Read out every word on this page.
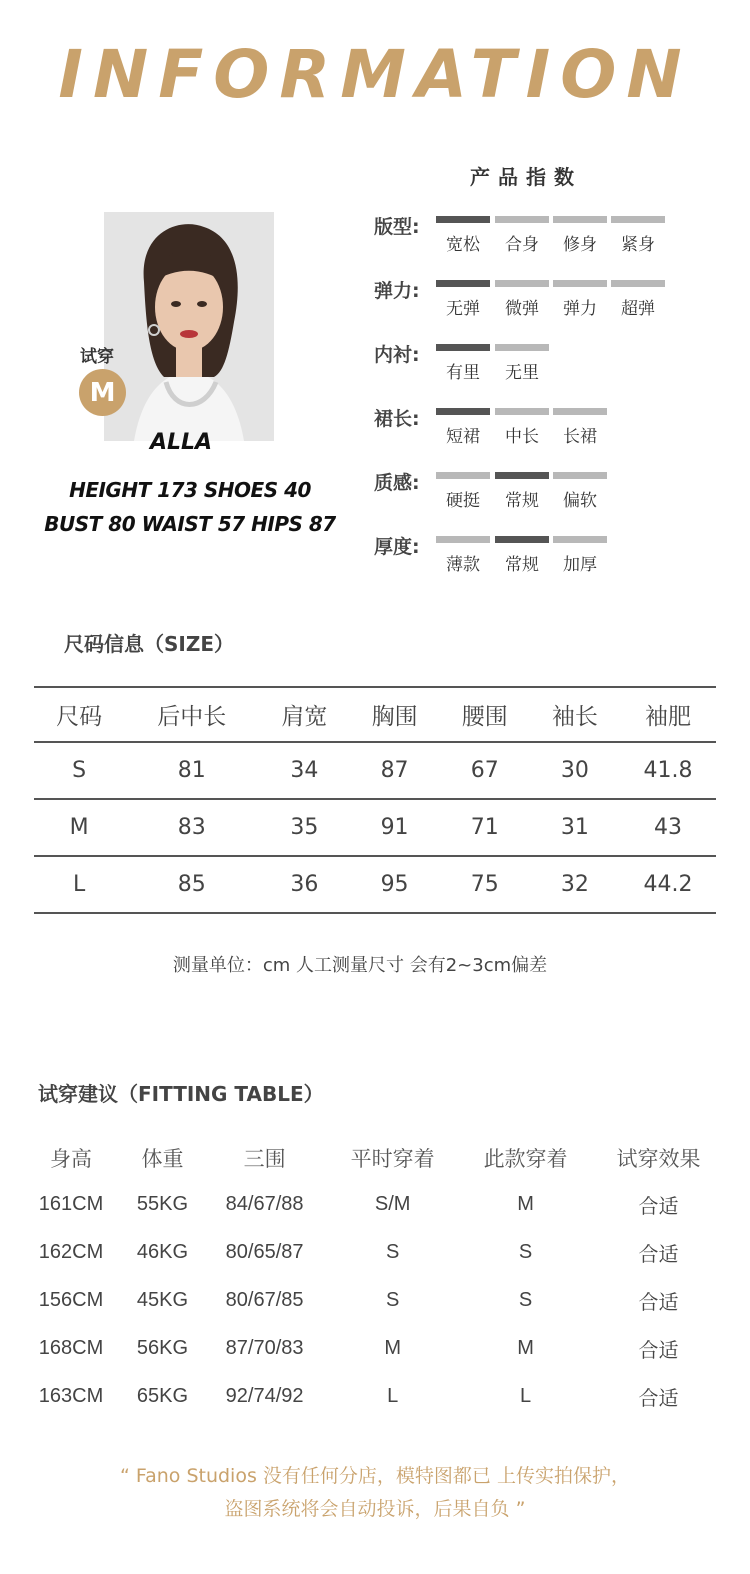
INFORMATION
试穿
M
ALLA
HEIGHT 173 SHOES 40
BUST 80 WAIST 57 HIPS 87
产品指数
版型:
宽松	合身	修身	紧身
弹力:
无弹	微弹	弹力	超弹
内衬:
有里	无里
裙长:
短裙	中长	长裙
质感:
硬挺	常规	偏软
厚度:
薄款	常规	加厚
尺码信息（SIZE）
尺码	后中长	肩宽	胸围	腰围	袖长	袖肥
S	81	34	87	67	30	41.8
M	83	35	91	71	31	43
L	85	36	95	75	32	44.2
测量单位：cm 人工测量尺寸 会有2~3cm偏差
试穿建议（FITTING TABLE）
身高	体重	三围	平时穿着	此款穿着	试穿效果
161CM	55KG	84/67/88	S/M	M	合适
162CM	46KG	80/65/87	S	S	合适
156CM	45KG	80/67/85	S	S	合适
168CM	56KG	87/70/83	M	M	合适
163CM	65KG	92/74/92	L	L	合适
“ Fano Studios 没有任何分店，模特图都已 上传实拍保护，
盗图系统将会自动投诉，后果自负 ”
